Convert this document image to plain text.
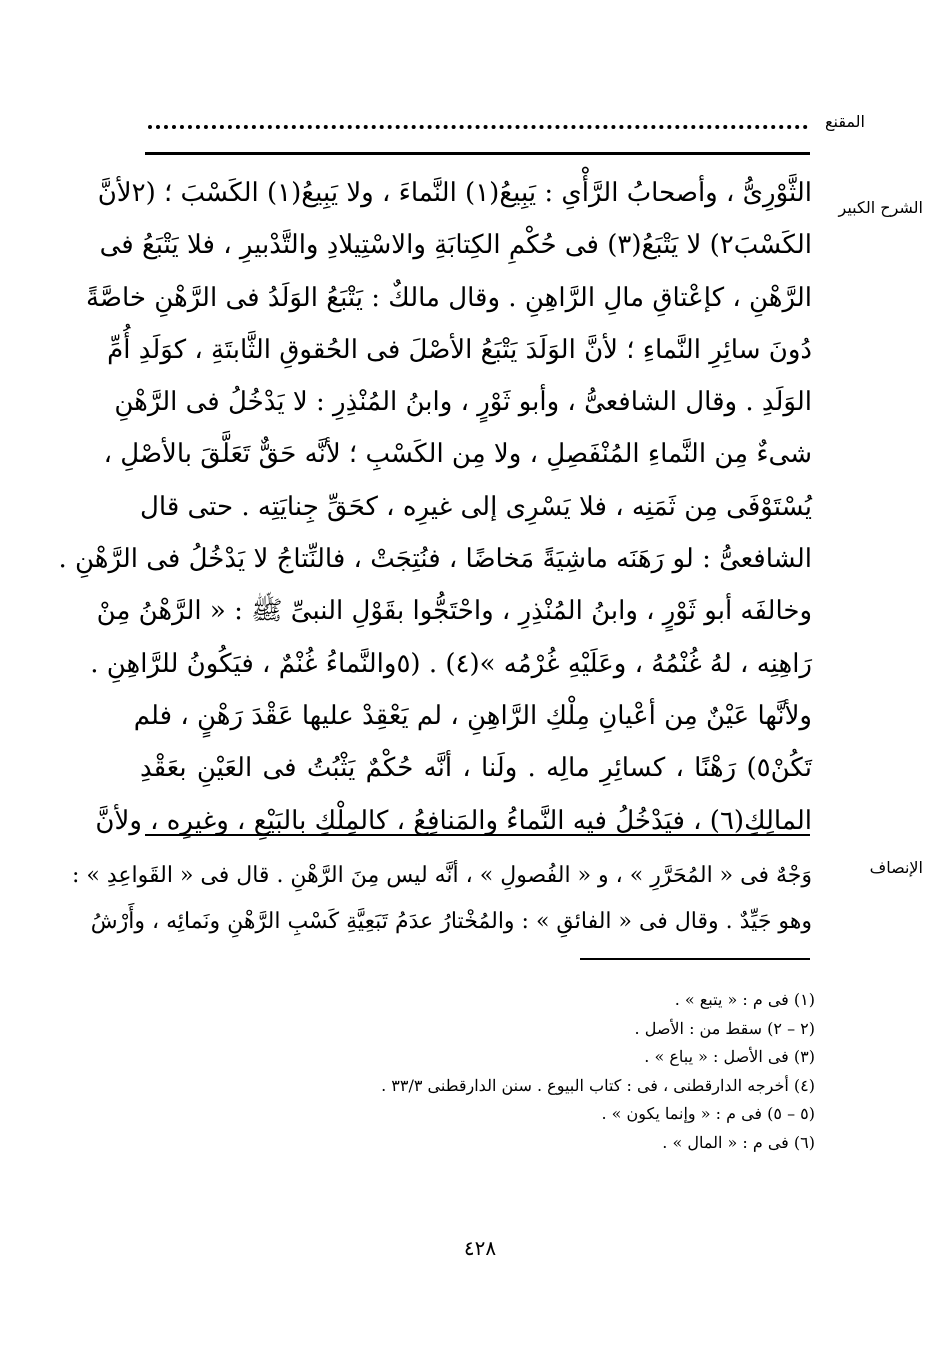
المقنع
الشرح الكبير
الثَّوْرِىُّ ، وأصحابُ الرَّأْىِ : يَبِيعُ(١) النَّماءَ ، ولا يَبِيعُ(١) الكَسْبَ ؛ (٢لأنَّ
الكَسْبَ٢) لا يَتْبَعُ(٣) فى حُكْمِ الكِتابَةِ والاسْتِيلادِ والتَّدْبيرِ ، فلا يَتْبَعُ فى
الرَّهْنِ ، كإعْتاقِ مالِ الرَّاهِنِ . وقال مالكٌ : يَتْبَعُ الوَلَدُ فى الرَّهْنِ خاصَّةً
دُونَ سائِرِ النَّماءِ ؛ لأنَّ الوَلَدَ يَتْبَعُ الأصْلَ فى الحُقوقِ الثَّابتَةِ ، كوَلَدِ أُمِّ
الوَلَدِ . وقال الشافعىُّ ، وأبو ثَوْرٍ ، وابنُ المُنْذِرِ : لا يَدْخُلُ فى الرَّهْنِ
شىءٌ مِن النَّماءِ المُنْفَصِلِ ، ولا مِن الكَسْبِ ؛ لأنَّه حَقٌّ تَعَلَّقَ بالأصْلِ ،
يُسْتَوْفَى مِن ثَمَنِه ، فلا يَسْرِى إلى غيرِه ، كحَقِّ جِنايَتِه . حتى قال
الشافعىُّ : لو رَهَنَه ماشِيَةً مَخاضًا ، فنُتِجَتْ ، فالنِّتاجُ لا يَدْخُلُ فى الرَّهْنِ .
وخالفَه أبو ثَوْرٍ ، وابنُ المُنْذِرِ ، واحْتَجُّوا بقَوْلِ النبىِّ ﷺ : « الرَّهْنُ مِنْ
رَاهِنِه ، لهُ غُنْمُهُ ، وعَلَيْهِ غُرْمُه »(٤) . (٥والنَّماءُ غُنْمٌ ، فيَكُونُ للرَّاهِنِ .
ولأنَّها عَيْنٌ مِن أعْيانِ مِلْكِ الرَّاهِنِ ، لم يَعْقِدْ عليها عَقْدَ رَهْنٍ ، فلم
تَكُنْ٥) رَهْنًا ، كسائِرِ مالِه . ولَنا ، أنَّه حُكْمٌ يَثْبُتُ فى العَيْنِ بعَقْدِ
المالِكِ(٦) ، فيَدْخُلُ فيه النَّماءُ والمَنافِعُ ، كالمِلْكِ بالبَيْعِ ، وغيرِه ، ولأنَّ
الإنصاف
وَجْهٌ فى « المُحَرَّرِ » ، و « الفُصولِ » ، أنَّه ليس مِنَ الرَّهْنِ . قال فى « القَواعِدِ » :
وهو جَيِّدٌ . وقال فى « الفائقِ » : والمُخْتارُ عدَمُ تَبَعِيَّةِ كَسْبِ الرَّهْنِ ونَمائِه ، وأَرْشُ
(١) فى م : « يتبع » .
(٢ – ٢) سقط من : الأصل .
(٣) فى الأصل : « يباع » .
(٤) أخرجه الدارقطنى ، فى : كتاب البيوع . سنن الدارقطنى ٣٣/٣ .
(٥ – ٥) فى م : « وإنما يكون » .
(٦) فى م : « المال » .
٤٢٨
